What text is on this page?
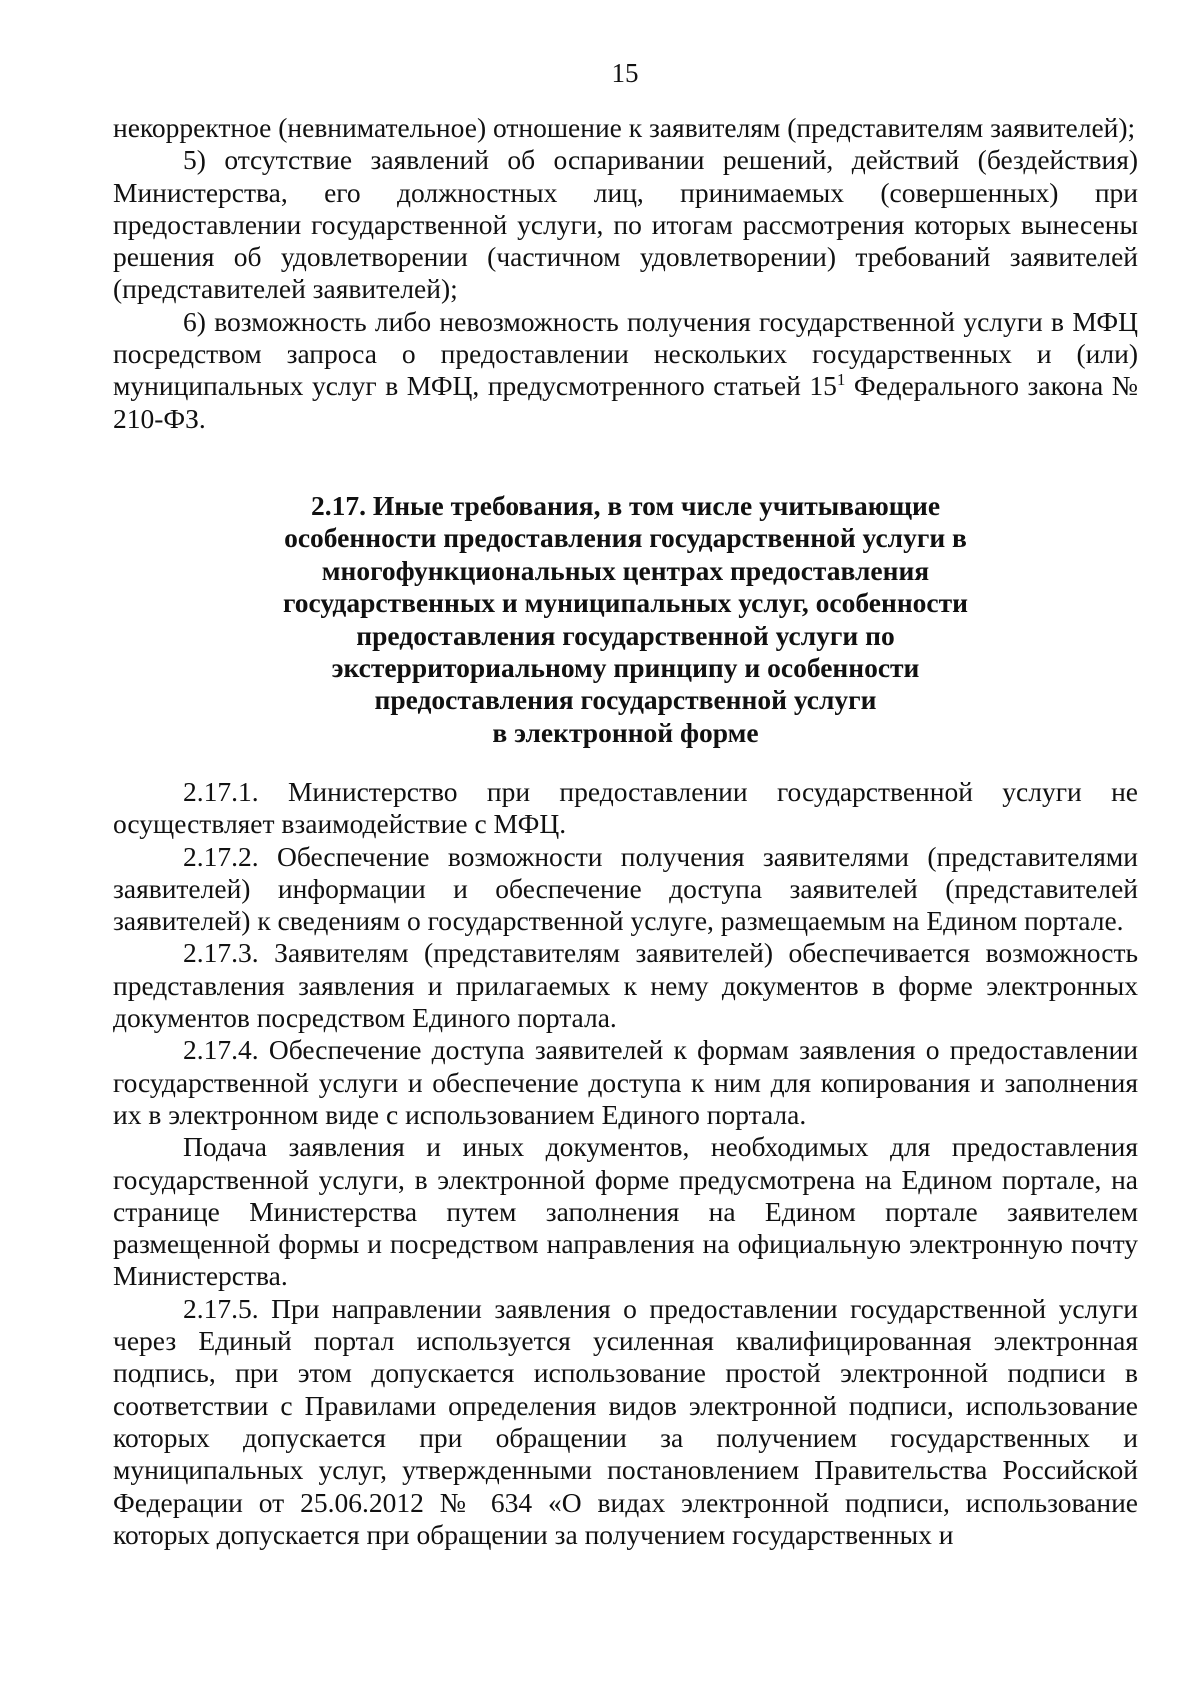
15

некорректное (невнимательное) отношение к заявителям (представителям заявителей);

5) отсутствие заявлений об оспаривании решений, действий (бездействия) Министерства, его должностных лиц, принимаемых (совершенных) при предоставлении государственной услуги, по итогам рассмотрения которых вынесены решения об удовлетворении (частичном удовлетворении) требований заявителей (представителей заявителей);

6) возможность либо невозможность получения государственной услуги в МФЦ посредством запроса о предоставлении нескольких государственных и (или) муниципальных услуг в МФЦ, предусмотренного статьей $15^1$ Федерального закона № 210-ФЗ.

2.17. Иные требования, в том числе учитывающие
особенности предоставления государственной услуги в
многофункциональных центрах предоставления
государственных и муниципальных услуг, особенности
предоставления государственной услуги по
экстерриториальному принципу и особенности
предоставления государственной услуги
в электронной форме

2.17.1. Министерство при предоставлении государственной услуги не осуществляет взаимодействие с МФЦ.

2.17.2. Обеспечение возможности получения заявителями (представителями заявителей) информации и обеспечение доступа заявителей (представителей заявителей) к сведениям о государственной услуге, размещаемым на Едином портале.

2.17.3. Заявителям (представителям заявителей) обеспечивается возможность представления заявления и прилагаемых к нему документов в форме электронных документов посредством Единого портала.

2.17.4. Обеспечение доступа заявителей к формам заявления о предоставлении государственной услуги и обеспечение доступа к ним для копирования и заполнения их в электронном виде с использованием Единого портала.

Подача заявления и иных документов, необходимых для предоставления государственной услуги, в электронной форме предусмотрена на Едином портале, на странице Министерства путем заполнения на Едином портале заявителем размещенной формы и посредством направления на официальную электронную почту Министерства.

2.17.5. При направлении заявления о предоставлении государственной услуги через Единый портал используется усиленная квалифицированная электронная подпись, при этом допускается использование простой электронной подписи в соответствии с Правилами определения видов электронной подписи, использование которых допускается при обращении за получением государственных и муниципальных услуг, утвержденными постановлением Правительства Российской Федерации от 25.06.2012 № 634 «О видах электронной подписи, использование которых допускается при обращении за получением государственных и
